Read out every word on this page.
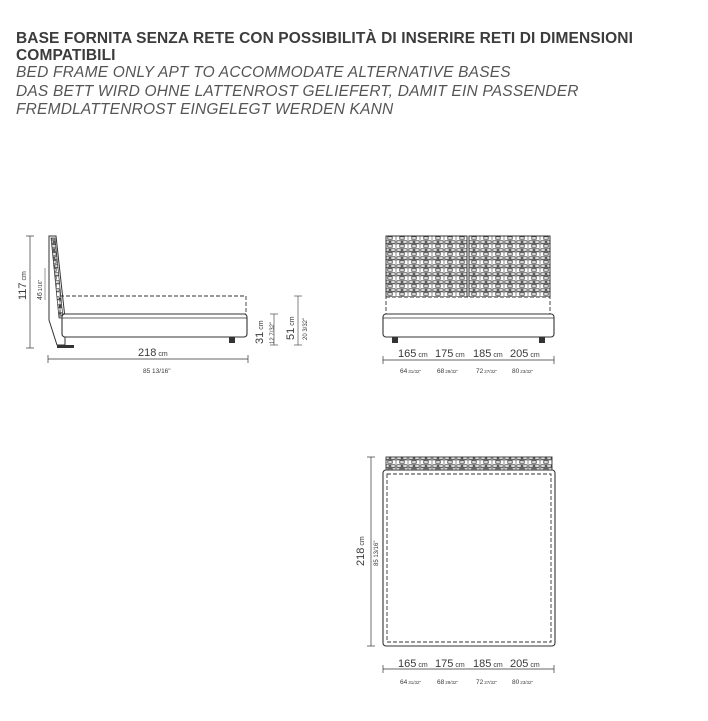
BASE FORNITA SENZA RETE CON POSSIBILITÀ DI INSERIRE RETI DI DIMENSIONI
COMPATIBILI

BED FRAME ONLY APT TO ACCOMMODATE ALTERNATIVE BASES

DAS BETT WIRD OHNE LATTENROST GELIEFERT, DAMIT EIN PASSENDER
FREMDLATTENROST EINGELEGT WERDEN KANN

117cm
461/16"
218 cm
85 13/16"
31cm 12 7/32" 51cm 20 3/32"
165 cm 175 cm 185 cm 205 cm
6431/32" 6829/32"	7227/32" 8023/32"
218cm 85 13/16"
165 cm 175 cm 185 cm 205 cm
6431/32" 6829/32"	7227/32" 8023/32"
